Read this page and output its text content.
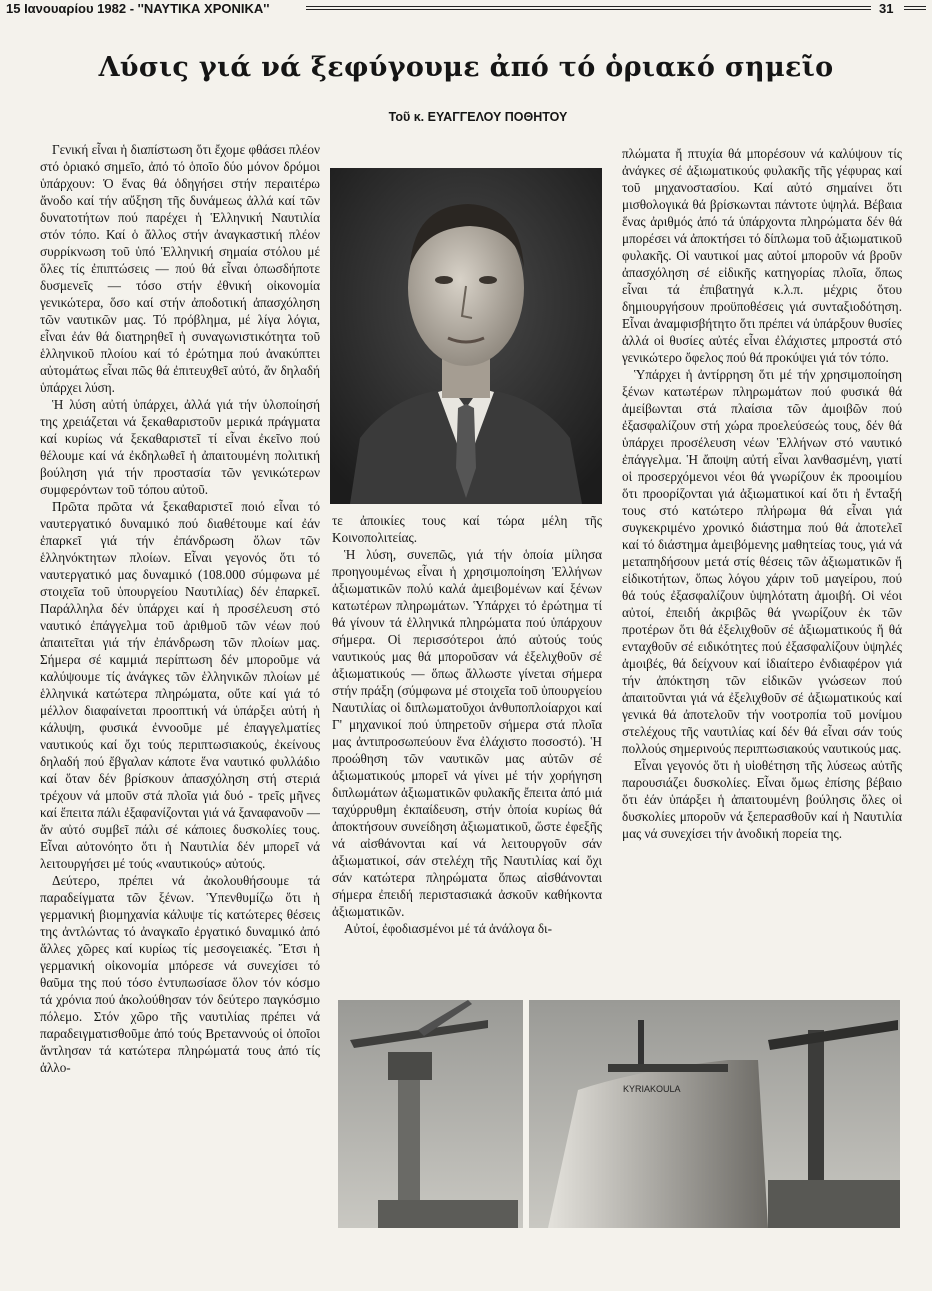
15 Ιανουαρίου 1982 - ''ΝΑΥΤΙΚΑ ΧΡΟΝΙΚΑ''	31
Λύσις γιά νά ξεφύγουμε ἀπό τό ὁριακό σημεῖο
Τοῦ κ. ΕΥΑΓΓΕΛΟΥ ΠΟΘΗΤΟΥ

Γενική εἶναι ἡ διαπίστωση ὅτι ἔχομε φθάσει πλέον στό ὁριακό σημεῖο, ἀπό τό ὁποῖο δύο μόνον δρόμοι ὑπάρχουν: Ὁ ἕνας θά ὁδηγήσει στήν περαιτέρω ἄνοδο καί τήν αὔξηση τῆς δυνάμεως ἀλλά καί τῶν δυνατοτήτων πού παρέχει ἡ Ἑλληνική Ναυτιλία στόν τόπο. Καί ὁ ἄλλος στήν ἀναγκαστική πλέον συρρίκνωση τοῦ ὑπό Ἑλληνική σημαία στόλου μέ ὅλες τίς ἐπιπτώσεις — πού θά εἶναι ὁπωσδήποτε δυσμενεῖς — τόσο στήν ἐθνική οἰκονομία γενικώτερα, ὅσο καί στήν ἀποδοτική ἀπασχόληση τῶν ναυτικῶν μας. Τό πρόβλημα, μέ λίγα λόγια, εἶναι ἐάν θά διατηρηθεῖ ἡ συναγωνιστικότητα τοῦ ἑλληνικοῦ πλοίου καί τό ἐρώτημα πού ἀνακύπτει αὐτομάτως εἶναι πῶς θά ἐπιτευχθεῖ αὐτό, ἄν δηλαδή ὑπάρχει λύση.

Ἡ λύση αὐτή ὑπάρχει, ἀλλά γιά τήν ὑλοποίησή της χρειάζεται νά ξεκαθαριστοῦν μερικά πράγματα καί κυρίως νά ξεκαθαριστεῖ τί εἶναι ἐκεῖνο πού θέλουμε καί νά ἐκδηλωθεῖ ἡ ἀπαιτουμένη πολιτική βούληση γιά τήν προστασία τῶν γενικώτερων συμφερόντων τοῦ τόπου αὐτοῦ.

Πρῶτα πρῶτα νά ξεκαθαριστεῖ ποιό εἶναι τό ναυτεργατικό δυναμικό πού διαθέτουμε καί ἐάν ἐπαρκεῖ γιά τήν ἐπάνδρωση ὅλων τῶν ἑλληνόκτητων πλοίων. Εἶναι γεγονός ὅτι τό ναυτεργατικό μας δυναμικό (108.000 σύμφωνα μέ στοιχεῖα τοῦ ὑπουργείου Ναυτιλίας) δέν ἐπαρκεῖ. Παράλληλα δέν ὑπάρχει καί ἡ προσέλευση στό ναυτικό ἐπάγγελμα τοῦ ἀριθμοῦ τῶν νέων πού ἀπαιτεῖται γιά τήν ἐπάνδρωση τῶν πλοίων μας. Σήμερα σέ καμμιά περίπτωση δέν μποροῦμε νά καλύψουμε τίς ἀνάγκες τῶν ἑλληνικῶν πλοίων μέ ἑλληνικά κατώτερα πληρώματα, οὔτε καί γιά τό μέλλον διαφαίνεται προοπτική νά ὑπάρξει αὐτή ἡ κάλυψη, φυσικά ἐννοοῦμε μέ ἐπαγγελματίες ναυτικούς καί ὄχι τούς περιπτωσιακούς, ἐκείνους δηλαδή πού ἔβγαλαν κάποτε ἕνα ναυτικό φυλλάδιο καί ὅταν δέν βρίσκουν ἀπασχόληση στή στεριά τρέχουν νά μποῦν στά πλοῖα γιά δυό - τρεῖς μῆνες καί ἔπειτα πάλι ἐξαφανίζονται γιά νά ξαναφανοῦν — ἄν αὐτό συμβεῖ πάλι σέ κάποιες δυσκολίες τους. Εἶναι αὐτονόητο ὅτι ἡ Ναυτιλία δέν μπορεῖ νά λειτουργήσει μέ τούς «ναυτικούς» αὐτούς.

Δεύτερο, πρέπει νά ἀκολουθήσουμε τά παραδείγματα τῶν ξένων. Ὑπενθυμίζω ὅτι ἡ γερμανική βιομηχανία κάλυψε τίς κατώτερες θέσεις της ἀντλώντας τό ἀναγκαῖο ἐργατικό δυναμικό ἀπό ἄλλες χῶρες καί κυρίως τίς μεσογειακές. Ἔτσι ἡ γερμανική οἰκονομία μπόρεσε νά συνεχίσει τό θαῦμα της πού τόσο ἐντυπωσίασε ὅλον τόν κόσμο τά χρόνια πού ἀκολούθησαν τόν δεύτερο παγκόσμιο πόλεμο. Στόν χῶρο τῆς ναυτιλίας πρέπει νά παραδειγματισθοῦμε ἀπό τούς Βρεταννούς οἱ ὁποῖοι ἄντλησαν τά κατώτερα πληρώματά τους ἀπό τίς ἀλλο-

τε ἀποικίες τους καί τώρα μέλη τῆς Κοινοπολιτείας.

Ἡ λύση, συνεπῶς, γιά τήν ὁποία μίλησα προηγουμένως εἶναι ἡ χρησιμοποίηση Ἑλλήνων ἀξιωματικῶν πολύ καλά ἀμειβομένων καί ξένων κατωτέρων πληρωμάτων. Ὑπάρχει τό ἐρώτημα τί θά γίνουν τά ἑλληνικά πληρώματα πού ὑπάρχουν σήμερα. Οἱ περισσότεροι ἀπό αὐτούς τούς ναυτικούς μας θά μποροῦσαν νά ἐξελιχθοῦν σέ ἀξιωματικούς — ὅπως ἄλλωστε γίνεται σήμερα στήν πράξη (σύμφωνα μέ στοιχεῖα τοῦ ὑπουργείου Ναυτιλίας οἱ διπλωματοῦχοι ἀνθυποπλοίαρχοι καί Γ' μηχανικοί πού ὑπηρετοῦν σήμερα στά πλοῖα μας ἀντιπροσωπεύουν ἕνα ἐλάχιστο ποσοστό). Ἡ προώθηση τῶν ναυτικῶν μας αὐτῶν σέ ἀξιωματικούς μπορεῖ νά γίνει μέ τήν χορήγηση διπλωμάτων ἀξιωματικῶν φυλακῆς ἔπειτα ἀπό μιά ταχύρρυθμη ἐκπαίδευση, στήν ὁποία κυρίως θά ἀποκτήσουν συνείδηση ἀξιωματικοῦ, ὥστε ἐφεξῆς νά αἰσθάνονται καί νά λειτουργοῦν σάν ἀξιωματικοί, σάν στελέχη τῆς Ναυτιλίας καί ὄχι σάν κατώτερα πληρώματα ὅπως αἰσθάνονται σήμερα ἐπειδή περιστασιακά ἀσκοῦν καθήκοντα ἀξιωματικῶν.

Αὐτοί, ἐφοδιασμένοι μέ τά ἀνάλογα δι-

πλώματα ἤ πτυχία θά μπορέσουν νά καλύψουν τίς ἀνάγκες σέ ἀξιωματικούς φυλακῆς τῆς γέφυρας καί τοῦ μηχανοστασίου. Καί αὐτό σημαίνει ὅτι μισθολογικά θά βρίσκωνται πάντοτε ὑψηλά. Βέβαια ἕνας ἀριθμός ἀπό τά ὑπάρχοντα πληρώματα δέν θά μπορέσει νά ἀποκτήσει τό δίπλωμα τοῦ ἀξιωματικοῦ φυλακῆς. Οἱ ναυτικοί μας αὐτοί μποροῦν νά βροῦν ἀπασχόληση σέ εἰδικῆς κατηγορίας πλοῖα, ὅπως εἶναι τά ἐπιβατηγά κ.λ.π. μέχρις ὅτου δημιουργήσουν προϋποθέσεις γιά συνταξιοδότηση. Εἶναι ἀναμφισβήτητο ὅτι πρέπει νά ὑπάρξουν θυσίες ἀλλά οἱ θυσίες αὐτές εἶναι ἐλάχιστες μπροστά στό γενικώτερο ὄφελος πού θά προκύψει γιά τόν τόπο.

Ὑπάρχει ἡ ἀντίρρηση ὅτι μέ τήν χρησιμοποίηση ξένων κατωτέρων πληρωμάτων πού φυσικά θά ἀμείβωνται στά πλαίσια τῶν ἀμοιβῶν πού ἐξασφαλίζουν στή χώρα προελεύσεώς τους, δέν θά ὑπάρχει προσέλευση νέων Ἑλλήνων στό ναυτικό ἐπάγγελμα. Ἡ ἄποψη αὐτή εἶναι λανθασμένη, γιατί οἱ προσερχόμενοι νέοι θά γνωρίζουν ἐκ προοιμίου ὅτι προορίζονται γιά ἀξιωματικοί καί ὅτι ἡ ἔνταξή τους στό κατώτερο πλήρωμα θά εἶναι γιά συγκεκριμένο χρονικό διάστημα πού θά ἀποτελεῖ καί τό διάστημα ἀμειβόμενης μαθητείας τους, γιά νά μεταπηδήσουν μετά στίς θέσεις τῶν ἀξιωματικῶν ἤ εἰδικοτήτων, ὅπως λόγου χάριν τοῦ μαγείρου, πού θά τούς ἐξασφαλίζουν ὑψηλότατη ἀμοιβή. Οἱ νέοι αὐτοί, ἐπειδή ἀκριβῶς θά γνωρίζουν ἐκ τῶν προτέρων ὅτι θά ἐξελιχθοῦν σέ ἀξιωματικούς ἤ θά ενταχθοῦν σέ ειδικότητες πού ἐξασφαλίζουν ὑψηλές ἀμοιβές, θά δείχνουν καί ἰδιαίτερο ἐνδιαφέρον γιά τήν ἀπόκτηση τῶν εἰδικῶν γνώσεων πού ἀπαιτοῦνται γιά νά ἐξελιχθοῦν σέ ἀξιωματικούς καί γενικά θά ἀποτελοῦν τήν νοοτροπία τοῦ μονίμου στελέχους τῆς ναυτιλίας καί δέν θά εἶναι σάν τούς πολλούς σημερινούς περιπτωσιακούς ναυτικούς μας.

Εἶναι γεγονός ὅτι ἡ υἱοθέτηση τῆς λύσεως αὐτῆς παρουσιάζει δυσκολίες. Εἶναι ὅμως ἐπίσης βέβαιο ὅτι ἐάν ὑπάρξει ἡ ἀπαιτουμένη βούλησις ὅλες οἱ δυσκολίες μποροῦν νά ξεπερασθοῦν καί ἡ Ναυτιλία μας νά συνεχίσει τήν ἀνοδική πορεία της.

KYRIAKOULA
